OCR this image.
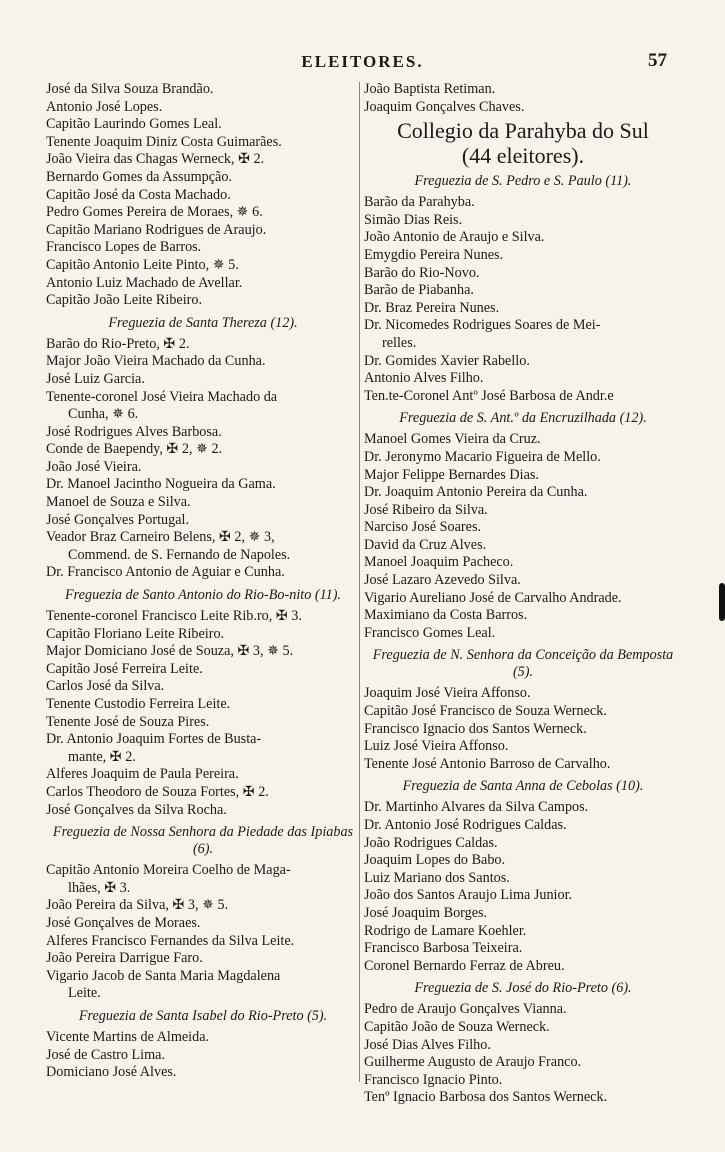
ELEITORES.	57
José da Silva Souza Brandão.
Antonio José Lopes.
Capitão Laurindo Gomes Leal.
Tenente Joaquim Diniz Costa Guimarães.
João Vieira das Chagas Werneck, ✠ 2.
Bernardo Gomes da Assumpção.
Capitão José da Costa Machado.
Pedro Gomes Pereira de Moraes, ✵ 6.
Capitão Mariano Rodrigues de Araujo.
Francisco Lopes de Barros.
Capitão Antonio Leite Pinto, ✵ 5.
Antonio Luiz Machado de Avellar.
Capitão João Leite Ribeiro.
Freguezia de Santa Thereza (12).
Barão do Rio-Preto, ✠ 2.
Major João Vieira Machado da Cunha.
José Luiz Garcia.
Tenente-coronel José Vieira Machado da
Cunha, ✵ 6.
José Rodrigues Alves Barbosa.
Conde de Baependy, ✠ 2, ✵ 2.
João José Vieira.
Dr. Manoel Jacintho Nogueira da Gama.
Manoel de Souza e Silva.
José Gonçalves Portugal.
Veador Braz Carneiro Belens, ✠ 2, ✵ 3,
Commend. de S. Fernando de Napoles.
Dr. Francisco Antonio de Aguiar e Cunha.
Freguezia de Santo Antonio do Rio-Bo-nito (11).
Tenente-coronel Francisco Leite Rib.ro, ✠ 3.
Capitão Floriano Leite Ribeiro.
Major Domiciano José de Souza, ✠ 3, ✵ 5.
Capitão José Ferreira Leite.
Carlos José da Silva.
Tenente Custodio Ferreira Leite.
Tenente José de Souza Pires.
Dr. Antonio Joaquim Fortes de Busta-
mante, ✠ 2.
Alferes Joaquim de Paula Pereira.
Carlos Theodoro de Souza Fortes, ✠ 2.
José Gonçalves da Silva Rocha.
Freguezia de Nossa Senhora da Piedade das Ipiabas (6).
Capitão Antonio Moreira Coelho de Maga-
lhães, ✠ 3.
João Pereira da Silva, ✠ 3, ✵ 5.
José Gonçalves de Moraes.
Alferes Francisco Fernandes da Silva Leite.
João Pereira Darrigue Faro.
Vigario Jacob de Santa Maria Magdalena
Leite.
Freguezia de Santa Isabel do Rio-Preto (5).
Vicente Martins de Almeida.
José de Castro Lima.
Domiciano José Alves.
João Baptista Retiman.
Joaquim Gonçalves Chaves.
Collegio da Parahyba do Sul
(44 eleitores).
Freguezia de S. Pedro e S. Paulo (11).
Barão da Parahyba.
Simão Dias Reis.
João Antonio de Araujo e Silva.
Emygdio Pereira Nunes.
Barão do Rio-Novo.
Barão de Piabanha.
Dr. Braz Pereira Nunes.
Dr. Nicomedes Rodrigues Soares de Mei-
relles.
Dr. Gomides Xavier Rabello.
Antonio Alves Filho.
Ten.te-Coronel Antº José Barbosa de Andr.e
Freguezia de S. Ant.º da Encruzilhada (12).
Manoel Gomes Vieira da Cruz.
Dr. Jeronymo Macario Figueira de Mello.
Major Felippe Bernardes Dias.
Dr. Joaquim Antonio Pereira da Cunha.
José Ribeiro da Silva.
Narciso José Soares.
David da Cruz Alves.
Manoel Joaquim Pacheco.
José Lazaro Azevedo Silva.
Vigario Aureliano José de Carvalho Andrade.
Maximiano da Costa Barros.
Francisco Gomes Leal.
Freguezia de N. Senhora da Conceição da Bemposta (5).
Joaquim José Vieira Affonso.
Capitão José Francisco de Souza Werneck.
Francisco Ignacio dos Santos Werneck.
Luiz José Vieira Affonso.
Tenente José Antonio Barroso de Carvalho.
Freguezia de Santa Anna de Cebolas (10).
Dr. Martinho Alvares da Silva Campos.
Dr. Antonio José Rodrigues Caldas.
João Rodrigues Caldas.
Joaquim Lopes do Babo.
Luiz Mariano dos Santos.
João dos Santos Araujo Lima Junior.
José Joaquim Borges.
Rodrigo de Lamare Koehler.
Francisco Barbosa Teixeira.
Coronel Bernardo Ferraz de Abreu.
Freguezia de S. José do Rio-Preto (6).
Pedro de Araujo Gonçalves Vianna.
Capitão João de Souza Werneck.
José Dias Alves Filho.
Guilherme Augusto de Araujo Franco.
Francisco Ignacio Pinto.
Tenº Ignacio Barbosa dos Santos Werneck.
